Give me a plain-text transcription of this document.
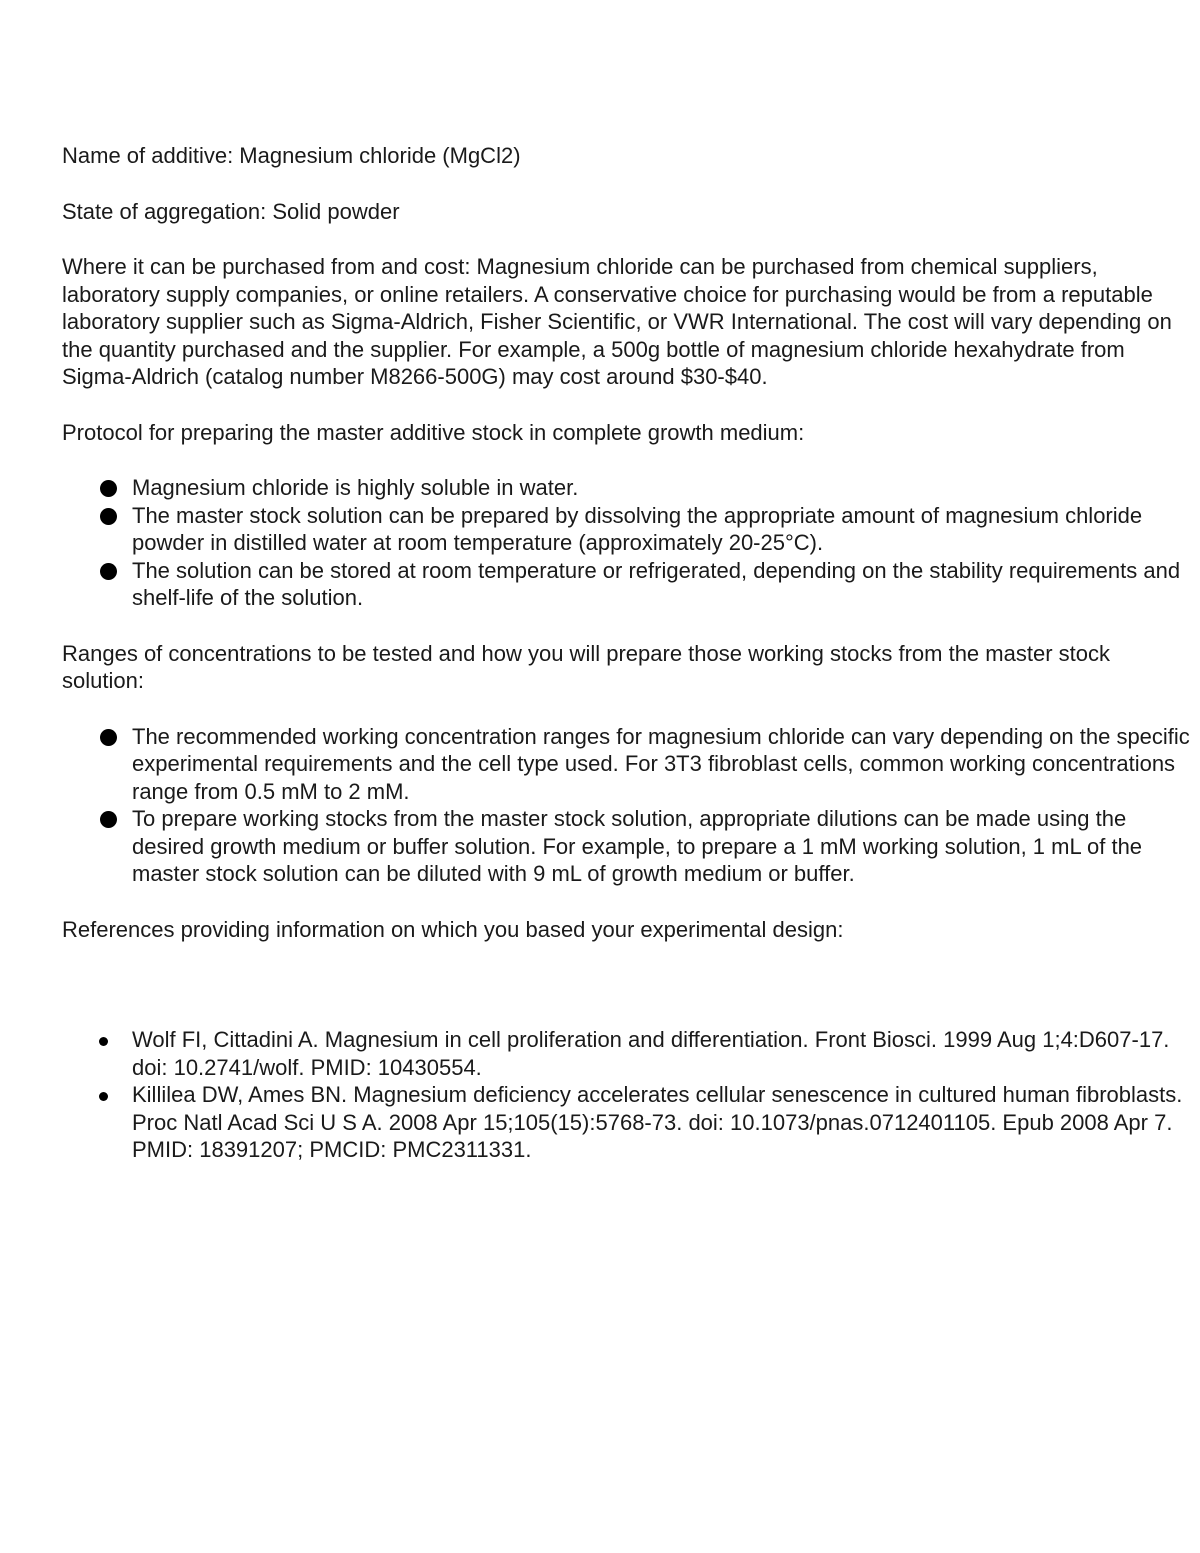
Name of additive: Magnesium chloride (MgCl2)

State of aggregation: Solid powder

Where it can be purchased from and cost: Magnesium chloride can be purchased from chemical suppliers, laboratory supply companies, or online retailers. A conservative choice for purchasing would be from a reputable laboratory supplier such as Sigma-Aldrich, Fisher Scientific, or VWR International. The cost will vary depending on the quantity purchased and the supplier. For example, a 500g bottle of magnesium chloride hexahydrate from Sigma-Aldrich (catalog number M8266-500G) may cost around $30-$40.

Protocol for preparing the master additive stock in complete growth medium:

Magnesium chloride is highly soluble in water.
The master stock solution can be prepared by dissolving the appropriate amount of magnesium chloride powder in distilled water at room temperature (approximately 20-25°C).
The solution can be stored at room temperature or refrigerated, depending on the stability requirements and shelf-life of the solution.

Ranges of concentrations to be tested and how you will prepare those working stocks from the master stock solution:

The recommended working concentration ranges for magnesium chloride can vary depending on the specific experimental requirements and the cell type used. For 3T3 fibroblast cells, common working concentrations range from 0.5 mM to 2 mM.
To prepare working stocks from the master stock solution, appropriate dilutions can be made using the desired growth medium or buffer solution. For example, to prepare a 1 mM working solution, 1 mL of the master stock solution can be diluted with 9 mL of growth medium or buffer.

References providing information on which you based your experimental design:

Wolf FI, Cittadini A. Magnesium in cell proliferation and differentiation. Front Biosci. 1999 Aug 1;4:D607-17. doi: 10.2741/wolf. PMID: 10430554.
Killilea DW, Ames BN. Magnesium deficiency accelerates cellular senescence in cultured human fibroblasts. Proc Natl Acad Sci U S A. 2008 Apr 15;105(15):5768-73. doi: 10.1073/pnas.0712401105. Epub 2008 Apr 7. PMID: 18391207; PMCID: PMC2311331.
